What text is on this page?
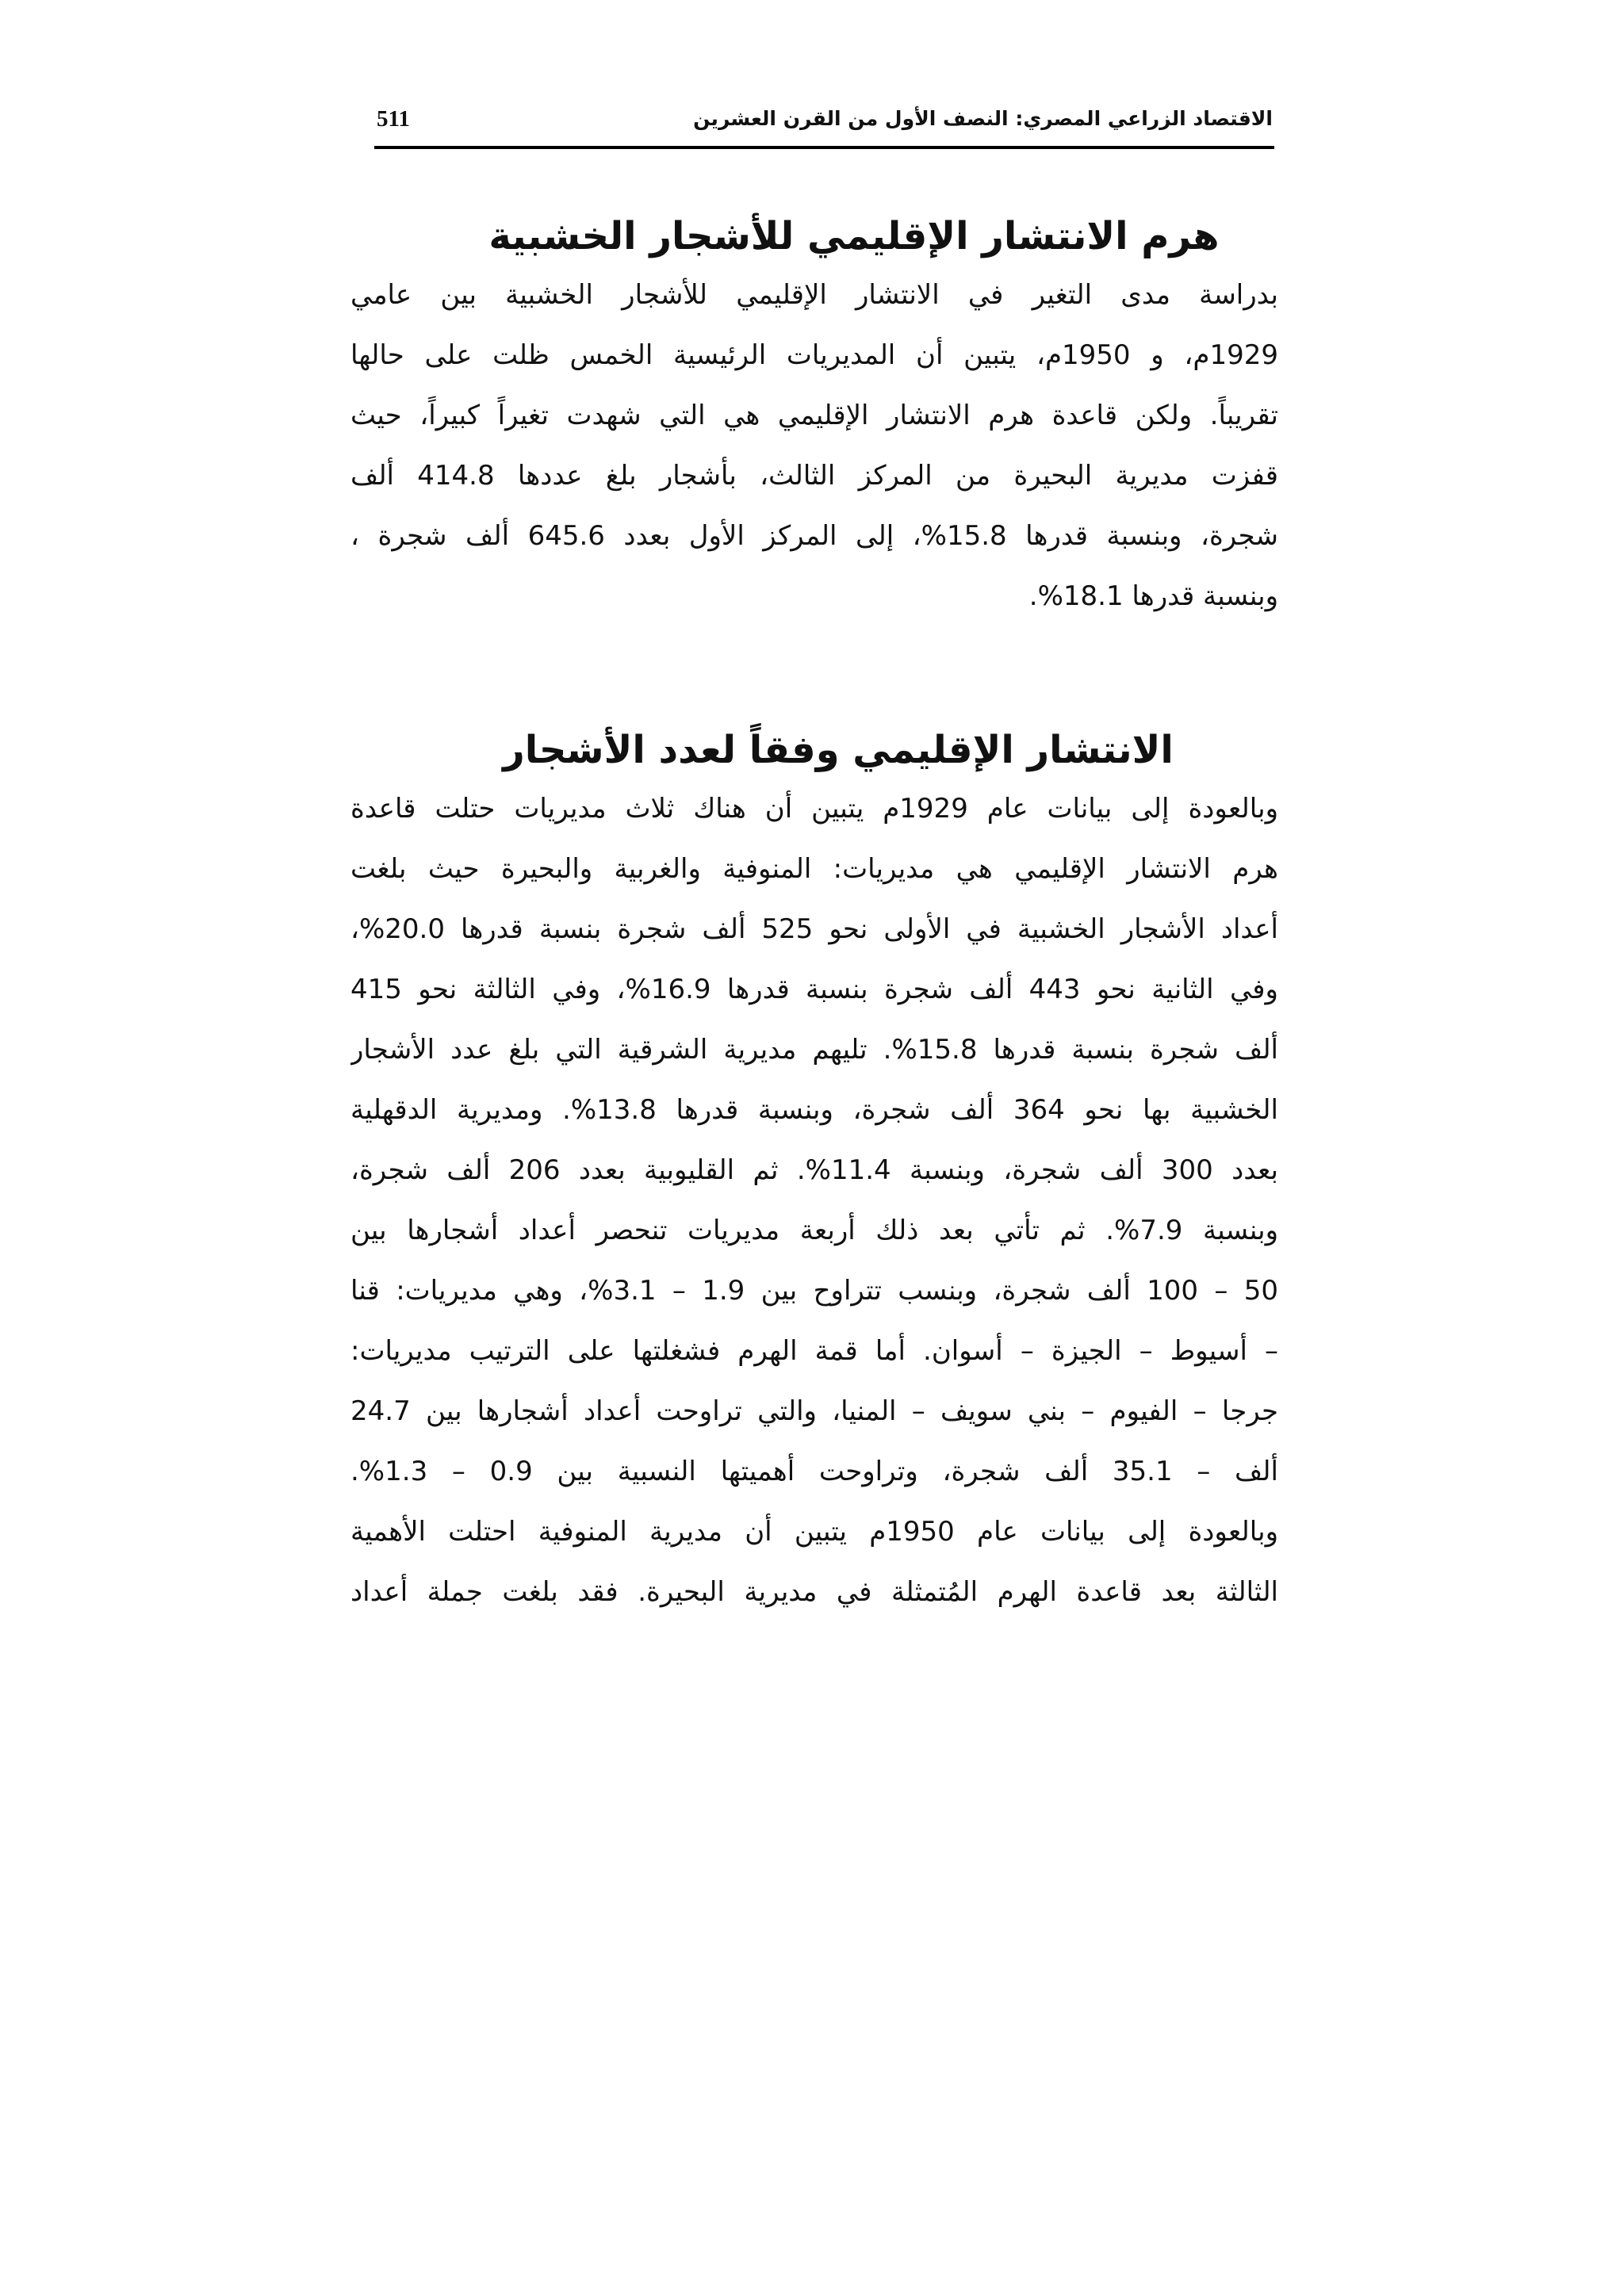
511	الاقتصاد الزراعي المصري: النصف الأول من القرن العشرين
هرم الانتشار الإقليمي للأشجار الخشبية

بدراسة مدى التغير في الانتشار الإقليمي للأشجار الخشبية بين عامي

1929م، و 1950م، يتبين أن المديريات الرئيسية الخمس ظلت على حالها

تقريباً. ولكن قاعدة هرم الانتشار الإقليمي هي التي شهدت تغيراً كبيراً، حيث

قفزت مديرية البحيرة من المركز الثالث، بأشجار بلغ عددها 414.8 ألف

شجرة، وبنسبة قدرها 15.8%، إلى المركز الأول بعدد 645.6 ألف شجرة ،

وبنسبة قدرها 18.1%.

الانتشار الإقليمي وفقاً لعدد الأشجار

وبالعودة إلى بيانات عام 1929م يتبين أن هناك ثلاث مديريات حتلت قاعدة

هرم الانتشار الإقليمي هي مديريات: المنوفية والغربية والبحيرة حيث بلغت

أعداد الأشجار الخشبية في الأولى نحو 525 ألف شجرة بنسبة قدرها 20.0%،

وفي الثانية نحو 443 ألف شجرة بنسبة قدرها 16.9%، وفي الثالثة نحو 415

ألف شجرة بنسبة قدرها 15.8%. تليهم مديرية الشرقية التي بلغ عدد الأشجار

الخشبية بها نحو 364 ألف شجرة، وبنسبة قدرها 13.8%. ومديرية الدقهلية

بعدد 300 ألف شجرة، وبنسبة 11.4%. ثم القليوبية بعدد 206 ألف شجرة،

وبنسبة 7.9%. ثم تأتي بعد ذلك أربعة مديريات تنحصر أعداد أشجارها بين

50 – 100 ألف شجرة، وبنسب تتراوح بين 1.9 – 3.1%، وهي مديريات: قنا

– أسيوط – الجيزة – أسوان. أما قمة الهرم فشغلتها على الترتيب مديريات:

جرجا – الفيوم – بني سويف – المنيا، والتي تراوحت أعداد أشجارها بين 24.7

ألف – 35.1 ألف شجرة، وتراوحت أهميتها النسبية بين 0.9 – 1.3%.

وبالعودة إلى بيانات عام 1950م يتبين أن مديرية المنوفية احتلت الأهمية

الثالثة بعد قاعدة الهرم المُتمثلة في مديرية البحيرة. فقد بلغت جملة أعداد
